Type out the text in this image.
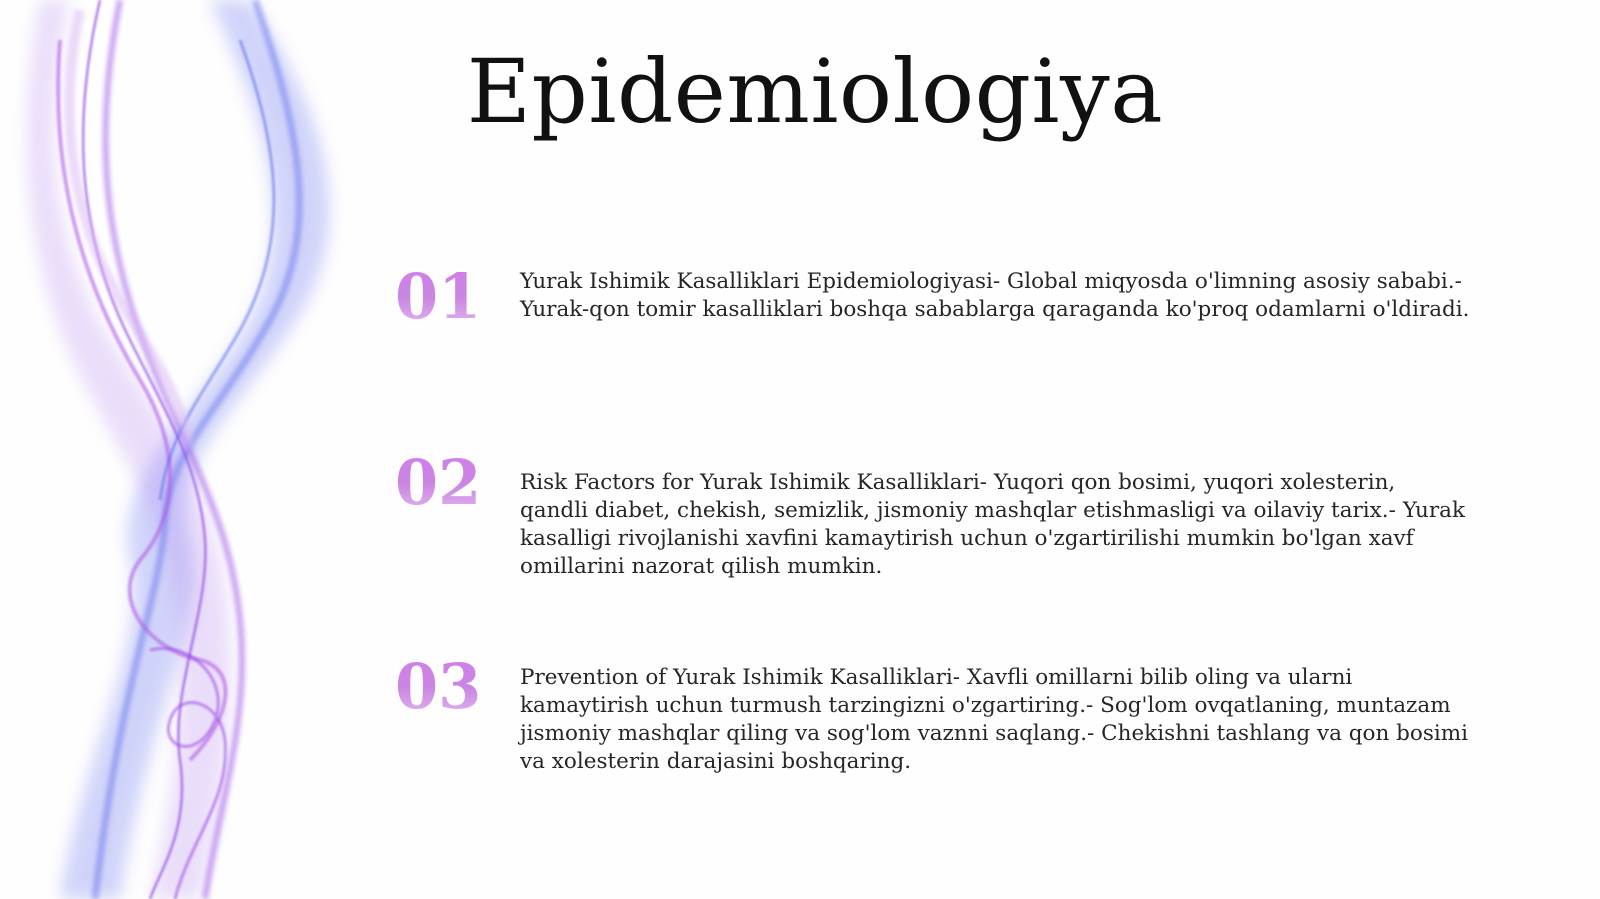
Epidemiologiya
01 Yurak Ishimik Kasalliklari Epidemiologiyasi- Global miqyosda o'limning asosiy sababi.- Yurak-qon tomir kasalliklari boshqa sabablarga qaraganda ko'proq odamlarni o'ldiradi.

02 Risk Factors for Yurak Ishimik Kasalliklari- Yuqori qon bosimi, yuqori xolesterin, qandli diabet, chekish, semizlik, jismoniy mashqlar etishmasligi va oilaviy tarix.- Yurak kasalligi rivojlanishi xavfini kamaytirish uchun o'zgartirilishi mumkin bo'lgan xavf omillarini nazorat qilish mumkin.

03 Prevention of Yurak Ishimik Kasalliklari- Xavfli omillarni bilib oling va ularni kamaytirish uchun turmush tarzingizni o'zgartiring.- Sog'lom ovqatlaning, muntazam jismoniy mashqlar qiling va sog'lom vaznni saqlang.- Chekishni tashlang va qon bosimi va xolesterin darajasini boshqaring.
